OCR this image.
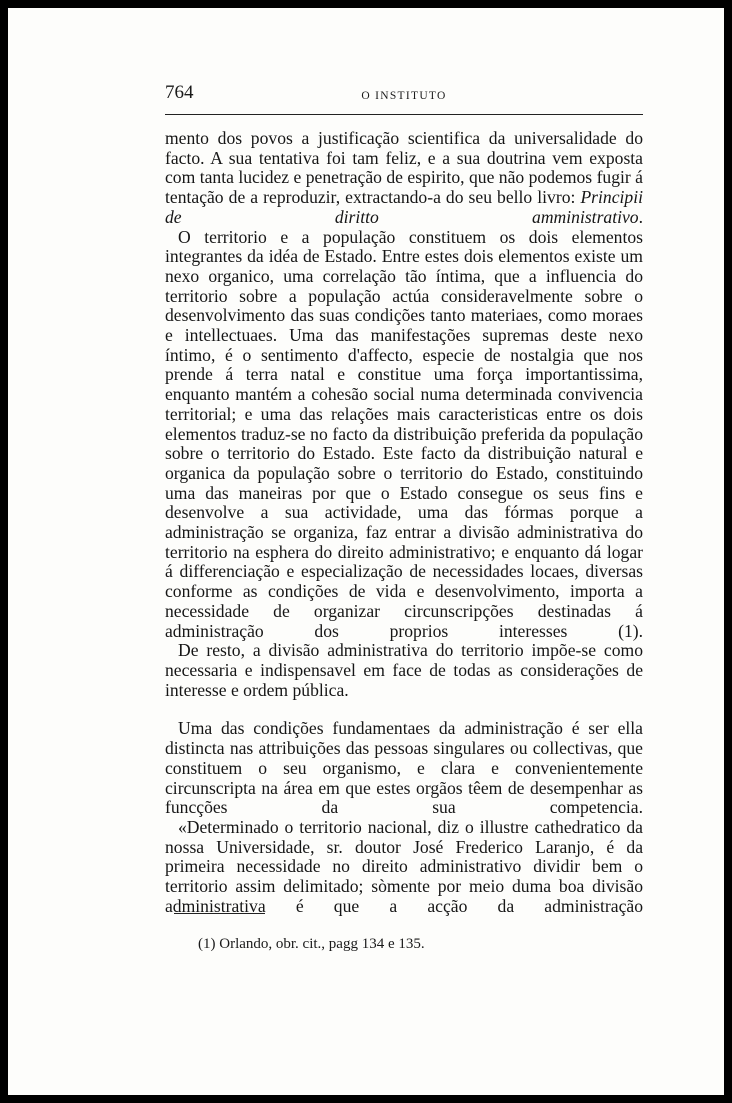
764	O INSTITUTO

mento dos povos a justificação scientifica da universalidade do facto. A sua tentativa foi tam feliz, e a sua doutrina vem exposta com tanta lucidez e penetração de espirito, que não podemos fugir á tentação de a reproduzir, extractando-a do seu bello livro: Principii de diritto amministrativo.

O territorio e a população constituem os dois elementos integrantes da idéa de Estado. Entre estes dois elementos existe um nexo organico, uma correlação tão íntima, que a influencia do territorio sobre a população actúa consideravelmente sobre o desenvolvimento das suas condições tanto materiaes, como moraes e intellectuaes. Uma das manifestações supremas deste nexo íntimo, é o sentimento d'affecto, especie de nostalgia que nos prende á terra natal e constitue uma força importantissima, enquanto mantém a cohesão social numa determinada convivencia territorial; e uma das relações mais caracteristicas entre os dois elementos traduz-se no facto da distribuição preferida da população sobre o territorio do Estado. Este facto da distribuição natural e organica da população sobre o territorio do Estado, constituindo uma das maneiras por que o Estado consegue os seus fins e desenvolve a sua actividade, uma das fórmas porque a administração se organiza, faz entrar a divisão administrativa do territorio na esphera do direito administrativo; e enquanto dá logar á differenciação e especialização de necessidades locaes, diversas conforme as condições de vida e desenvolvimento, importa a necessidade de organizar circunscripções destinadas á administração dos proprios interesses (1).

De resto, a divisão administrativa do territorio impõe-se como necessaria e indispensavel em face de todas as considerações de interesse e ordem pública.

Uma das condições fundamentaes da administração é ser ella distincta nas attribuições das pessoas singulares ou collectivas, que constituem o seu organismo, e clara e convenientemente circunscripta na área em que estes orgãos têem de desempenhar as funcções da sua competencia.

«Determinado o territorio nacional, diz o illustre cathedratico da nossa Universidade, sr. doutor José Frederico Laranjo, é da primeira necessidade no direito administrativo dividir bem o territorio assim delimitado; sòmente por meio duma boa divisão administrativa é que a acção da administração

(1) Orlando, obr. cit., pagg 134 e 135.
